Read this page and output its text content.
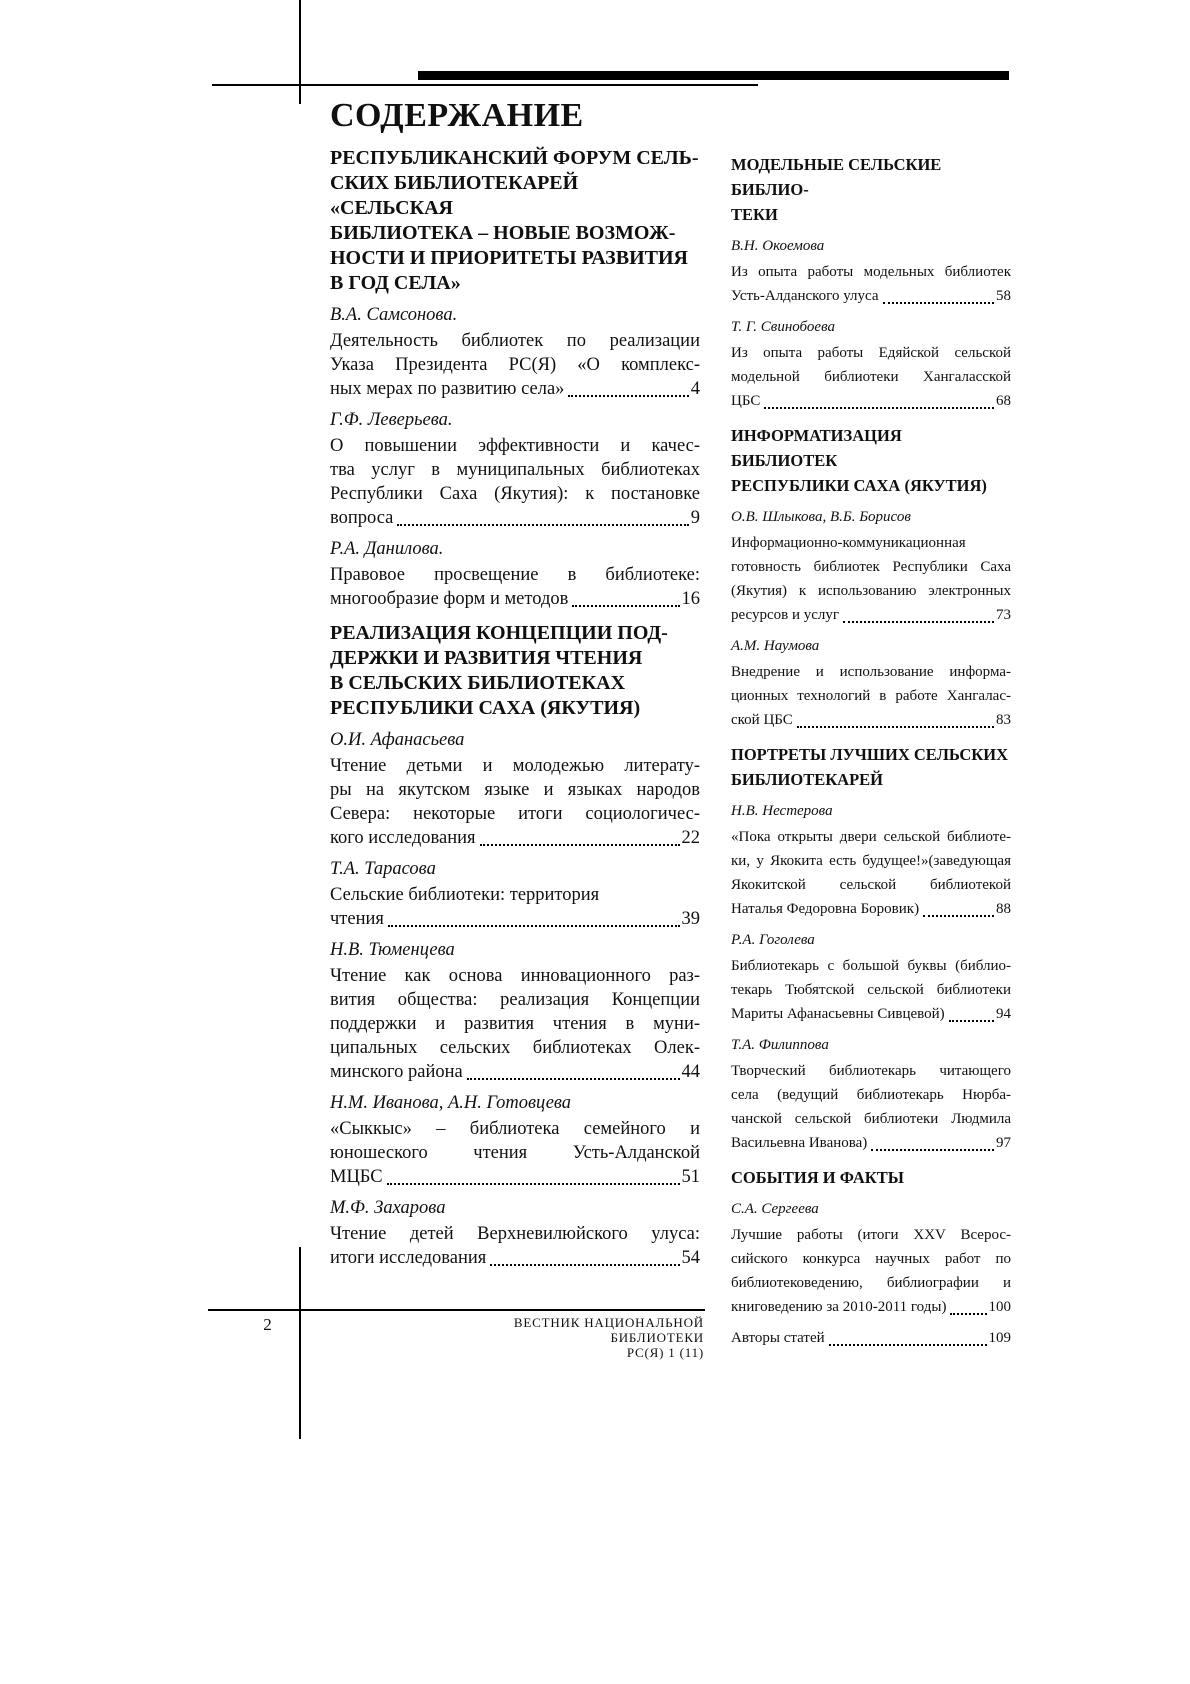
СОДЕРЖАНИЕ
РЕСПУБЛИКАНСКИЙ ФОРУМ СЕЛЬ-
СКИХ БИБЛИОТЕКАРЕЙ «СЕЛЬСКАЯ
БИБЛИОТЕКА – НОВЫЕ ВОЗМОЖ-
НОСТИ И ПРИОРИТЕТЫ РАЗВИТИЯ
В ГОД СЕЛА»
В.А. Самсонова.
Деятельность библиотек по реализации
Указа Президента РС(Я) «О комплекс-
ных мерах по развитию села»	4
Г.Ф. Леверьева.
О повышении эффективности и качес-
тва услуг в муниципальных библиотеках
Республики Саха (Якутия): к постановке
вопроса	9
Р.А. Данилова.
Правовое просвещение в библиотеке:
многообразие форм и методов	16
РЕАЛИЗАЦИЯ КОНЦЕПЦИИ ПОД-
ДЕРЖКИ И РАЗВИТИЯ ЧТЕНИЯ
В СЕЛЬСКИХ БИБЛИОТЕКАХ
РЕСПУБЛИКИ САХА (ЯКУТИЯ)
О.И. Афанасьева
Чтение детьми и молодежью литерату-
ры на якутском языке и языках народов
Севера: некоторые итоги социологичес-
кого исследования	22
Т.А. Тарасова
Сельские библиотеки: территория
чтения	39
Н.В. Тюменцева
Чтение как основа инновационного раз-
вития общества: реализация Концепции
поддержки и развития чтения в муни-
ципальных сельских библиотеках Олек-
минского района	44
Н.М. Иванова, А.Н. Готовцева
«Сыккыс» – библиотека семейного и
юношеского чтения Усть-Алданской
МЦБС	51
М.Ф. Захарова
Чтение детей Верхневилюйского улуса:
итоги исследования	54
МОДЕЛЬНЫЕ СЕЛЬСКИЕ БИБЛИО-
ТЕКИ
В.Н. Окоемова
Из опыта работы модельных библиотек
Усть-Алданского улуса	58
Т. Г. Свинобоева
Из опыта работы Едяйской сельской
модельной библиотеки Хангаласской
ЦБС	68
ИНФОРМАТИЗАЦИЯ БИБЛИОТЕК
РЕСПУБЛИКИ САХА (ЯКУТИЯ)
О.В. Шлыкова, В.Б. Борисов
Информационно-коммуникационная
готовность библиотек Республики Саха
(Якутия) к использованию электронных
ресурсов и услуг	73
А.М. Наумова
Внедрение и использование информа-
ционных технологий в работе Хангалас-
ской ЦБС	83
ПОРТРЕТЫ ЛУЧШИХ СЕЛЬСКИХ
БИБЛИОТЕКАРЕЙ
Н.В. Нестерова
«Пока открыты двери сельской библиоте-
ки, у Якокита есть будущее!»(заведующая
Якокитской сельской библиотекой
Наталья Федоровна Боровик)	88
Р.А. Гоголева
Библиотекарь с большой буквы (библио-
текарь Тюбятской сельской библиотеки
Мариты Афанасьевны Сивцевой)	94
Т.А. Филиппова
Творческий библиотекарь читающего
села (ведущий библиотекарь Нюрба-
чанской сельской библиотеки Людмила
Васильевна Иванова)	97
СОБЫТИЯ И ФАКТЫ
С.А. Сергеева
Лучшие работы (итоги XXV Всерос-
сийского конкурса научных работ по
библиотековедению, библиографии и
книговедению за 2010-2011 годы)	100
Авторы статей	109
2	ВЕСТНИК НАЦИОНАЛЬНОЙ
БИБЛИОТЕКИ
РС(Я) 1 (11)
